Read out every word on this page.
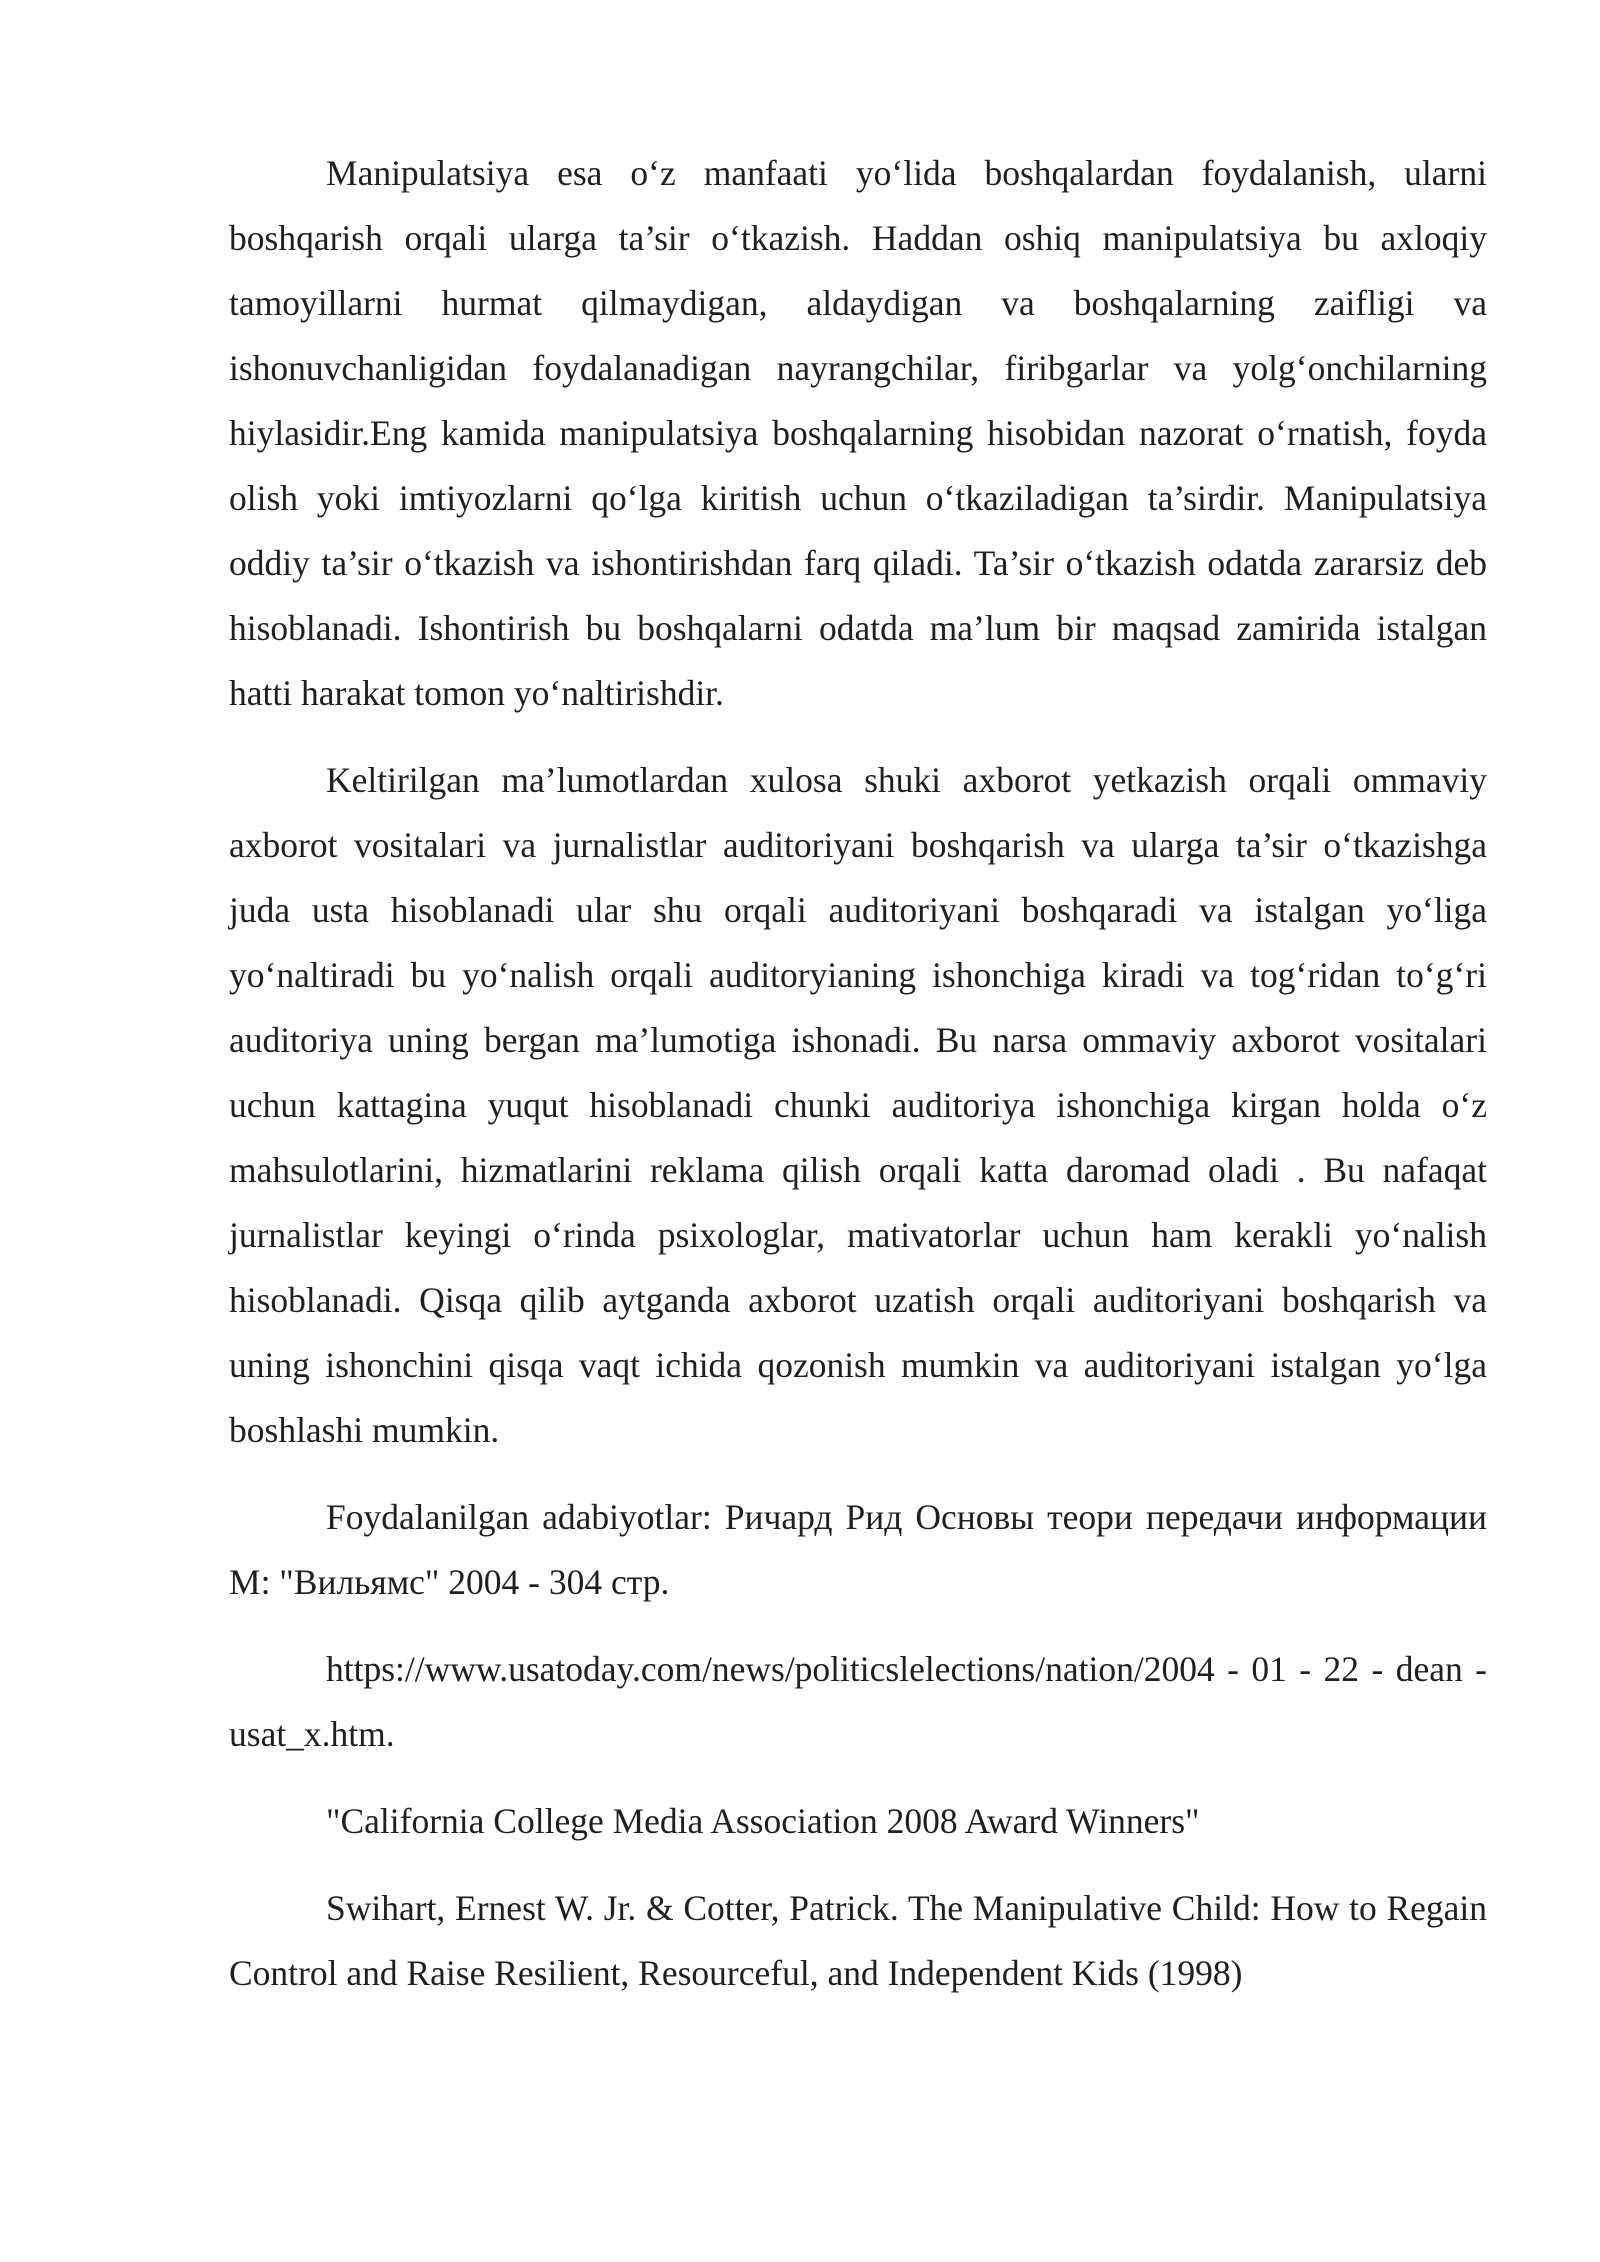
Manipulatsiya esa o‘z manfaati yo‘lida boshqalardan foydalanish, ularni boshqarish orqali ularga ta’sir o‘tkazish. Haddan oshiq manipulatsiya bu axloqiy tamoyillarni hurmat qilmaydigan, aldaydigan va boshqalarning zaifligi va ishonuvchanligidan foydalanadigan nayrangchilar, firibgarlar va yolg‘onchilarning hiylasidir.Eng kamida manipulatsiya boshqalarning hisobidan nazorat o‘rnatish, foyda olish yoki imtiyozlarni qo‘lga kiritish uchun o‘tkaziladigan ta’sirdir. Manipulatsiya oddiy ta’sir o‘tkazish va ishontirishdan farq qiladi. Ta’sir o‘tkazish odatda zararsiz deb hisoblanadi. Ishontirish bu boshqalarni odatda ma’lum bir maqsad zamirida istalgan hatti harakat tomon yo‘naltirishdir.

Keltirilgan ma’lumotlardan xulosa shuki axborot yetkazish orqali ommaviy axborot vositalari va jurnalistlar auditoriyani boshqarish va ularga ta’sir o‘tkazishga juda usta hisoblanadi ular shu orqali auditoriyani boshqaradi va istalgan yo‘liga yo‘naltiradi bu yo‘nalish orqali auditoryianing ishonchiga kiradi va tog‘ridan to‘g‘ri auditoriya uning bergan ma’lumotiga ishonadi. Bu narsa ommaviy axborot vositalari uchun kattagina yuqut hisoblanadi chunki auditoriya ishonchiga kirgan holda o‘z mahsulotlarini, hizmatlarini reklama qilish orqali katta daromad oladi . Bu nafaqat jurnalistlar keyingi o‘rinda psixologlar, mativatorlar uchun ham kerakli yo‘nalish hisoblanadi. Qisqa qilib aytganda axborot uzatish orqali auditoriyani boshqarish va uning ishonchini qisqa vaqt ichida qozonish mumkin va auditoriyani istalgan yo‘lga boshlashi mumkin.

Foydalanilgan adabiyotlar: Ричард Рид Основы теори передачи информации М: "Вильямс" 2004 - 304 стр.

https://www.usatoday.com/news/politicslelections/nation/2004 - 01 - 22 - dean - usat_x.htm.

"California College Media Association 2008 Award Winners"

Swihart, Ernest W. Jr. & Cotter, Patrick. The Manipulative Child: How to Regain Control and Raise Resilient, Resourceful, and Independent Kids (1998)
